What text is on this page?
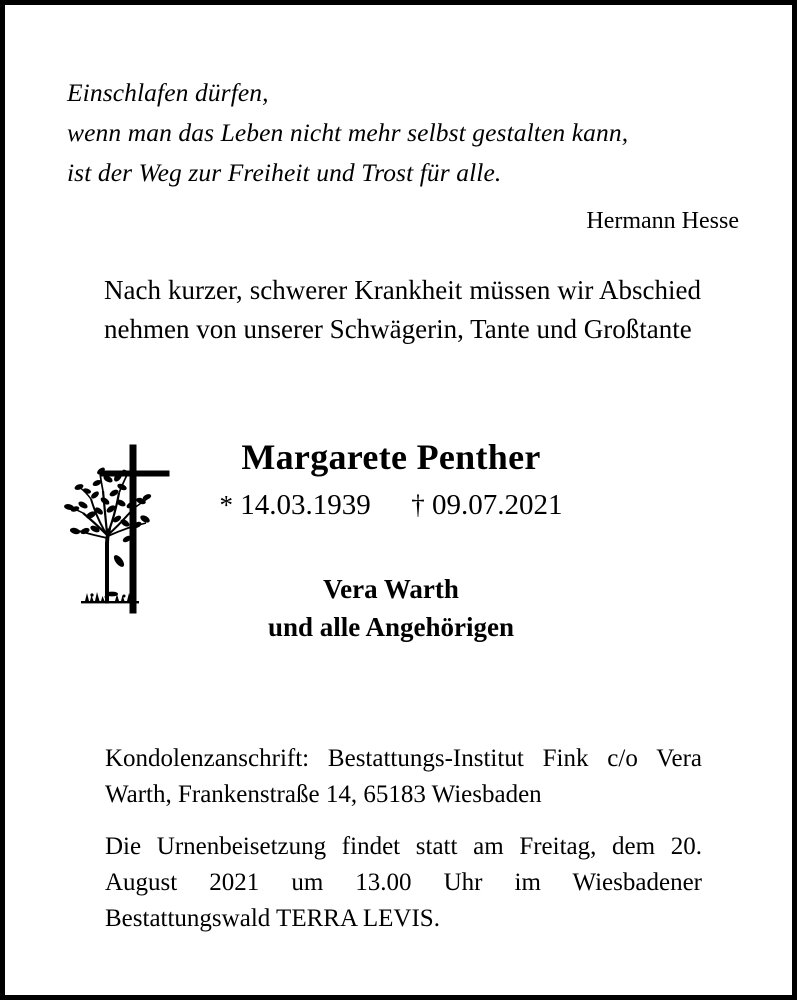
Einschlafen dürfen,
wenn man das Leben nicht mehr selbst gestalten kann,
ist der Weg zur Freiheit und Trost für alle.
Hermann Hesse
Nach kurzer, schwerer Krankheit müssen wir Abschied nehmen von unserer Schwägerin, Tante und Großtante
Margarete Penther
* 14.03.1939 † 09.07.2021
Vera Warth
und alle Angehörigen
Kondolenzanschrift: Bestattungs-Institut Fink c/o Vera Warth, Frankenstraße 14, 65183 Wiesbaden
Die Urnenbeisetzung findet statt am Freitag, dem 20. August 2021 um 13.00 Uhr im Wiesbadener Bestattungswald TERRA LEVIS.
